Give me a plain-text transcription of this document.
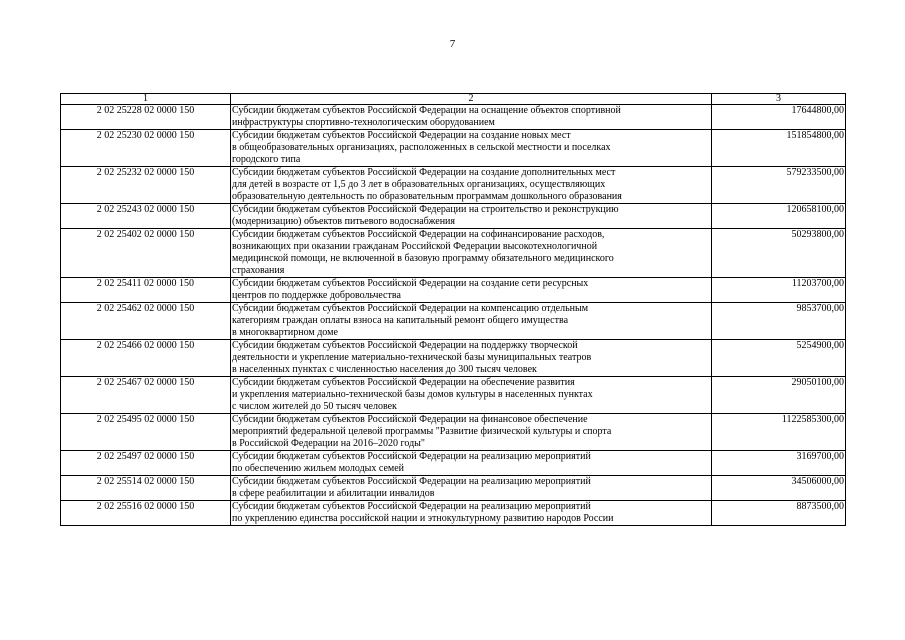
7
1	2	3
2 02 25228 02 0000 150	Субсидии бюджетам субъектов Российской Федерации на оснащение объектов спортивной
инфраструктуры спортивно-технологическим оборудованием	17644800,00
2 02 25230 02 0000 150	Субсидии бюджетам субъектов Российской Федерации на создание новых мест
в общеобразовательных организациях, расположенных в сельской местности и поселках
городского типа	151854800,00
2 02 25232 02 0000 150	Субсидии бюджетам субъектов Российской Федерации на создание дополнительных мест
для детей в возрасте от 1,5 до 3 лет в образовательных организациях, осуществляющих
образовательную деятельность по образовательным программам дошкольного образования	579233500,00
2 02 25243 02 0000 150	Субсидии бюджетам субъектов Российской Федерации на строительство и реконструкцию
(модернизацию) объектов питьевого водоснабжения	120658100,00
2 02 25402 02 0000 150	Субсидии бюджетам субъектов Российской Федерации на софинансирование расходов,
возникающих при оказании гражданам Российской Федерации высокотехнологичной
медицинской помощи, не включенной в базовую программу обязательного медицинского
страхования	50293800,00
2 02 25411 02 0000 150	Субсидии бюджетам субъектов Российской Федерации на создание сети ресурсных
центров по поддержке добровольчества	11203700,00
2 02 25462 02 0000 150	Субсидии бюджетам субъектов Российской Федерации на компенсацию отдельным
категориям граждан оплаты взноса на капитальный ремонт общего имущества
в многоквартирном доме	9853700,00
2 02 25466 02 0000 150	Субсидии бюджетам субъектов Российской Федерации на поддержку творческой
деятельности и укрепление материально-технической базы муниципальных театров
в населенных пунктах с численностью населения до 300 тысяч человек	5254900,00
2 02 25467 02 0000 150	Субсидии бюджетам субъектов Российской Федерации на обеспечение развития
и укрепления материально-технической базы домов культуры в населенных пунктах
с числом жителей до 50 тысяч человек	29050100,00
2 02 25495 02 0000 150	Субсидии бюджетам субъектов Российской Федерации на финансовое обеспечение
мероприятий федеральной целевой программы "Развитие физической культуры и спорта
в Российской Федерации на 2016–2020 годы"	1122585300,00
2 02 25497 02 0000 150	Субсидии бюджетам субъектов Российской Федерации на реализацию мероприятий
по обеспечению жильем молодых семей	3169700,00
2 02 25514 02 0000 150	Субсидии бюджетам субъектов Российской Федерации на реализацию мероприятий
в сфере реабилитации и абилитации инвалидов	34506000,00
2 02 25516 02 0000 150	Субсидии бюджетам субъектов Российской Федерации на реализацию мероприятий
по укреплению единства российской нации и этнокультурному развитию народов России	8873500,00
